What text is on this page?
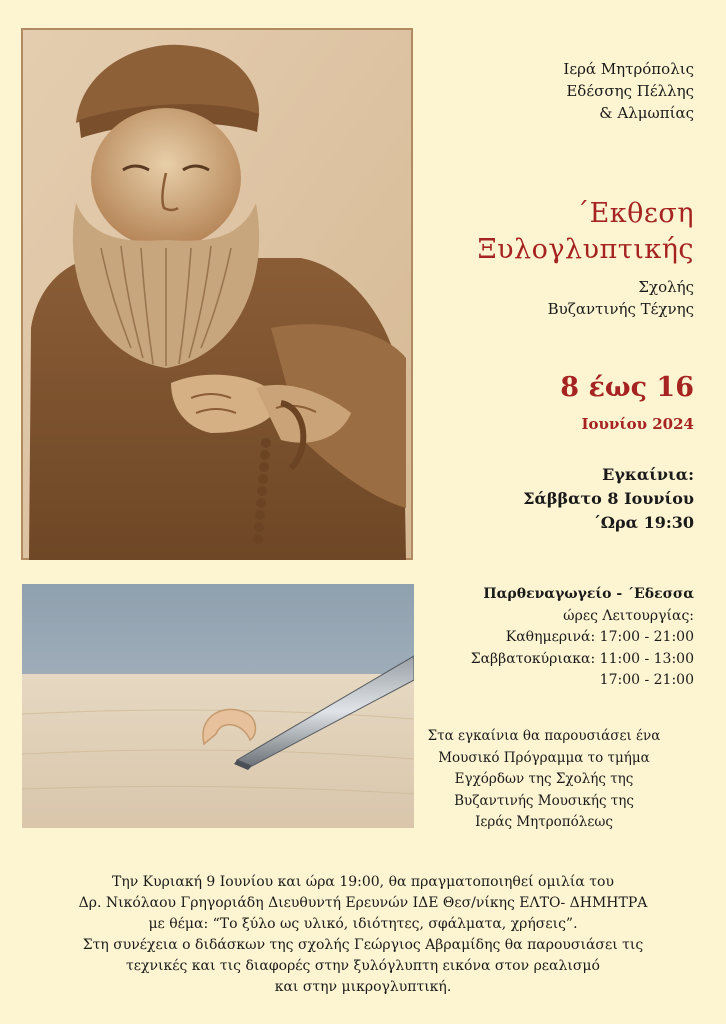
Ιερά Μητρόπολις
Εδέσσης Πέλλης
& Αλμωπίας
΄Εκθεση
Ξυλογλυπτικής
Σχολής
Βυζαντινής Τέχνης
8 έως 16
Ιουνίου 2024
Εγκαίνια:
Σάββατο 8 Ιουνίου
΄Ωρα 19:30
Παρθεναγωγείο - ΄Εδεσσα
ώρες Λειτουργίας:
Καθημερινά: 17:00 - 21:00
Σαββατοκύριακα: 11:00 - 13:00
17:00 - 21:00
Στα εγκαίνια θα παρουσιάσει ένα
Μουσικό Πρόγραμμα το τμήμα
Εγχόρδων της Σχολής της
Βυζαντινής Μουσικής της
Ιεράς Μητροπόλεως
Την Κυριακή 9 Ιουνίου και ώρα 19:00, θα πραγματοποιηθεί ομιλία του
Δρ. Νικόλαου Γρηγοριάδη Διευθυντή Ερευνών ΙΔΕ Θεσ/νίκης ΕΛΤΟ- ΔΗΜΗΤΡΑ
με θέμα: “Το ξύλο ως υλικό, ιδιότητες, σφάλματα, χρήσεις”.
Στη συνέχεια ο διδάσκων της σχολής Γεώργιος Αβραμίδης θα παρουσιάσει τις
τεχνικές και τις διαφορές στην ξυλόγλυπτη εικόνα στον ρεαλισμό
και στην μικρογλυπτική.
